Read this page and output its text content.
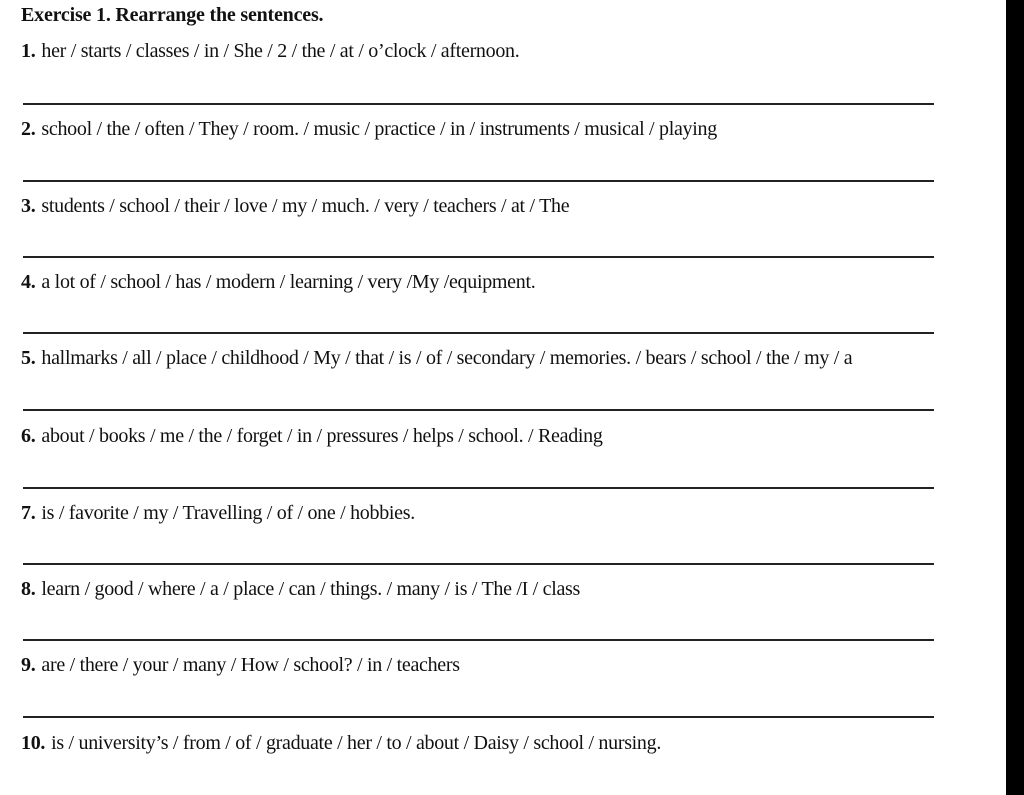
Exercise 1. Rearrange the sentences.
1. her / starts / classes / in / She / 2 / the / at / o’clock / afternoon.
2. school / the / often / They / room. / music / practice / in / instruments / musical / playing
3. students / school / their / love / my / much. / very / teachers / at / The
4. a lot of / school / has / modern / learning / very /My /equipment.
5. hallmarks / all / place / childhood / My / that / is / of / secondary / memories. / bears / school / the / my / a
6. about / books / me / the / forget / in / pressures / helps / school. / Reading
7. is / favorite / my / Travelling / of / one / hobbies.
8. learn / good / where / a / place / can / things. / many / is / The /I / class
9. are / there / your / many / How / school? / in / teachers
10. is / university’s / from / of / graduate / her / to / about / Daisy / school / nursing.
